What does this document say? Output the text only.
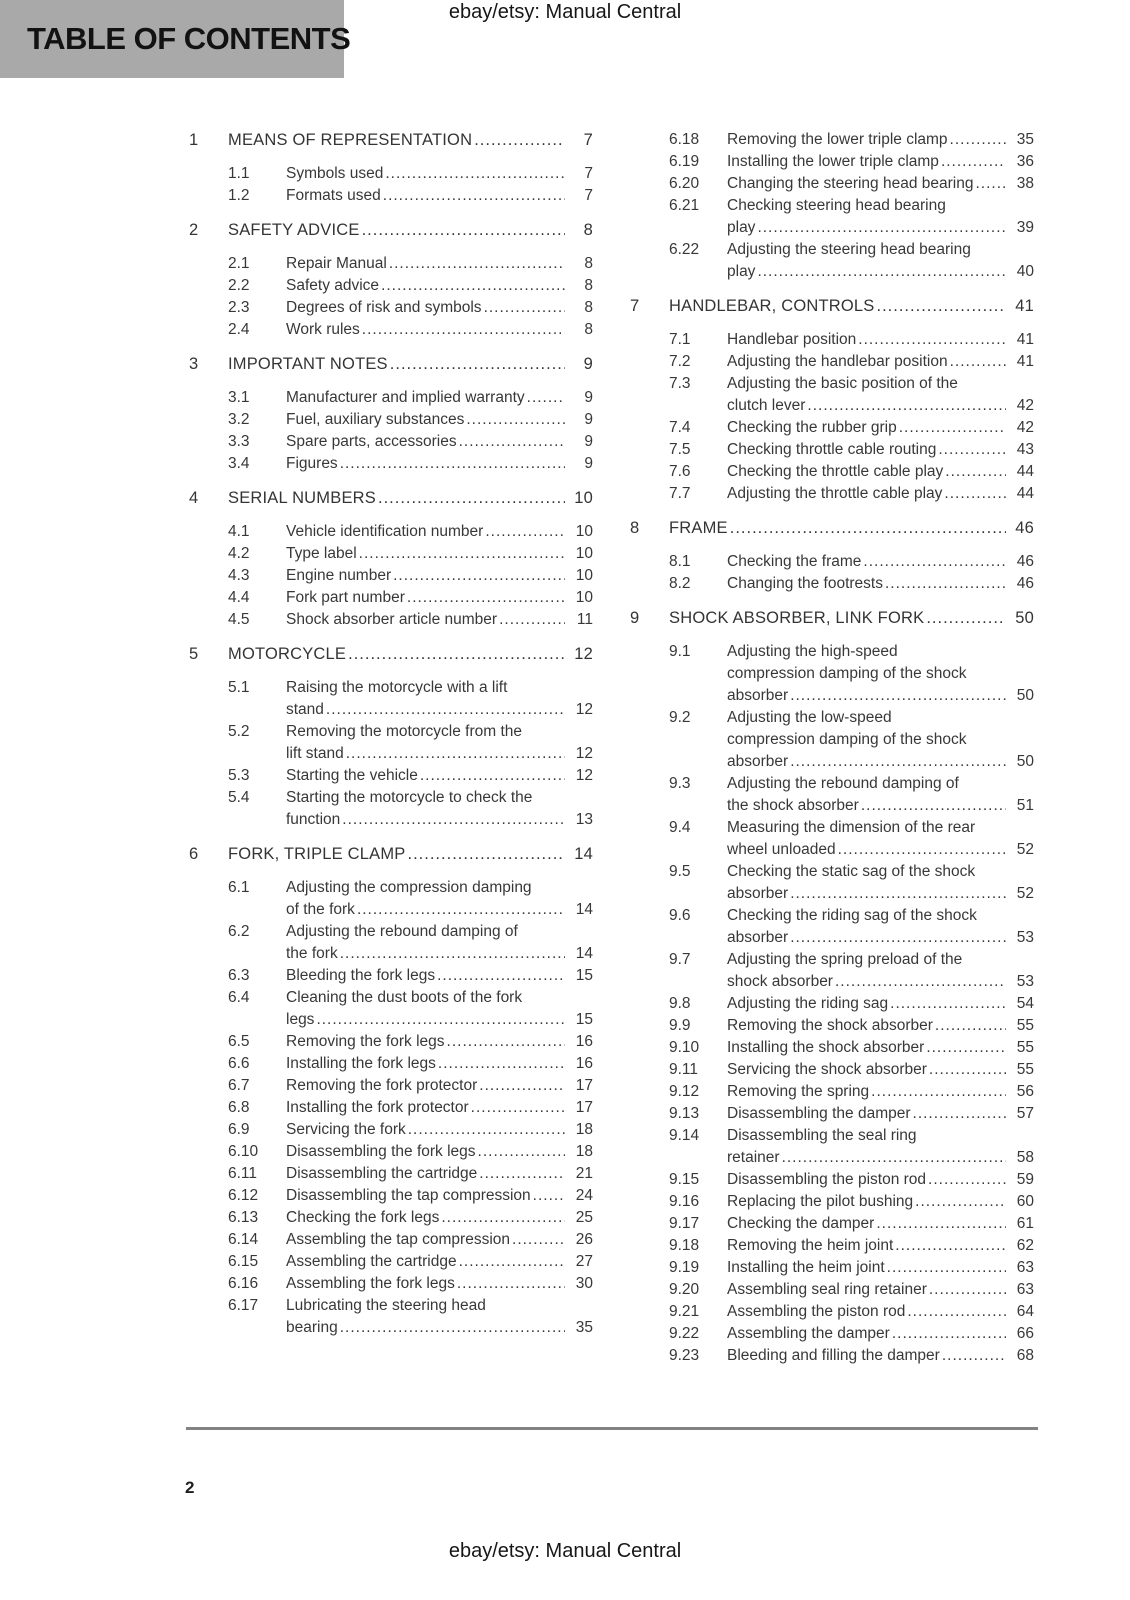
ebay/etsy: Manual Central
TABLE OF CONTENTS
1	MEANS OF REPRESENTATION .....	7
1.1	Symbols used .....	7
1.2	Formats used .....	7
2	SAFETY ADVICE .....	8
2.1	Repair Manual .....	8
2.2	Safety advice .....	8
2.3	Degrees of risk and symbols .....	8
2.4	Work rules .....	8
3	IMPORTANT NOTES .....	9
3.1	Manufacturer and implied warranty .....	9
3.2	Fuel, auxiliary substances .....	9
3.3	Spare parts, accessories .....	9
3.4	Figures .....	9
4	SERIAL NUMBERS .....	10
4.1	Vehicle identification number .....	10
4.2	Type label .....	10
4.3	Engine number .....	10
4.4	Fork part number .....	10
4.5	Shock absorber article number .....	11
5	MOTORCYCLE .....	12
5.1	Raising the motorcycle with a lift
stand .....	12
5.2	Removing the motorcycle from the
lift stand .....	12
5.3	Starting the vehicle .....	12
5.4	Starting the motorcycle to check the
function .....	13
6	FORK, TRIPLE CLAMP .....	14
6.1	Adjusting the compression damping
of the fork .....	14
6.2	Adjusting the rebound damping of
the fork .....	14
6.3	Bleeding the fork legs .....	15
6.4	Cleaning the dust boots of the fork
legs .....	15
6.5	Removing the fork legs .....	16
6.6	Installing the fork legs .....	16
6.7	Removing the fork protector .....	17
6.8	Installing the fork protector .....	17
6.9	Servicing the fork .....	18
6.10	Disassembling the fork legs .....	18
6.11	Disassembling the cartridge .....	21
6.12	Disassembling the tap compression .....	24
6.13	Checking the fork legs .....	25
6.14	Assembling the tap compression .....	26
6.15	Assembling the cartridge .....	27
6.16	Assembling the fork legs .....	30
6.17	Lubricating the steering head
bearing .....	35
6.18	Removing the lower triple clamp .....	35
6.19	Installing the lower triple clamp .....	36
6.20	Changing the steering head bearing .....	38
6.21	Checking steering head bearing
play .....	39
6.22	Adjusting the steering head bearing
play .....	40
7	HANDLEBAR, CONTROLS .....	41
7.1	Handlebar position .....	41
7.2	Adjusting the handlebar position .....	41
7.3	Adjusting the basic position of the
clutch lever .....	42
7.4	Checking the rubber grip .....	42
7.5	Checking throttle cable routing .....	43
7.6	Checking the throttle cable play .....	44
7.7	Adjusting the throttle cable play .....	44
8	FRAME .....	46
8.1	Checking the frame .....	46
8.2	Changing the footrests .....	46
9	SHOCK ABSORBER, LINK FORK .....	50
9.1	Adjusting the high-speed
compression damping of the shock
absorber .....	50
9.2	Adjusting the low-speed
compression damping of the shock
absorber .....	50
9.3	Adjusting the rebound damping of
the shock absorber .....	51
9.4	Measuring the dimension of the rear
wheel unloaded .....	52
9.5	Checking the static sag of the shock
absorber .....	52
9.6	Checking the riding sag of the shock
absorber .....	53
9.7	Adjusting the spring preload of the
shock absorber .....	53
9.8	Adjusting the riding sag .....	54
9.9	Removing the shock absorber .....	55
9.10	Installing the shock absorber .....	55
9.11	Servicing the shock absorber .....	55
9.12	Removing the spring .....	56
9.13	Disassembling the damper .....	57
9.14	Disassembling the seal ring
retainer .....	58
9.15	Disassembling the piston rod .....	59
9.16	Replacing the pilot bushing .....	60
9.17	Checking the damper .....	61
9.18	Removing the heim joint .....	62
9.19	Installing the heim joint .....	63
9.20	Assembling seal ring retainer .....	63
9.21	Assembling the piston rod .....	64
9.22	Assembling the damper .....	66
9.23	Bleeding and filling the damper .....	68
2
ebay/etsy: Manual Central
